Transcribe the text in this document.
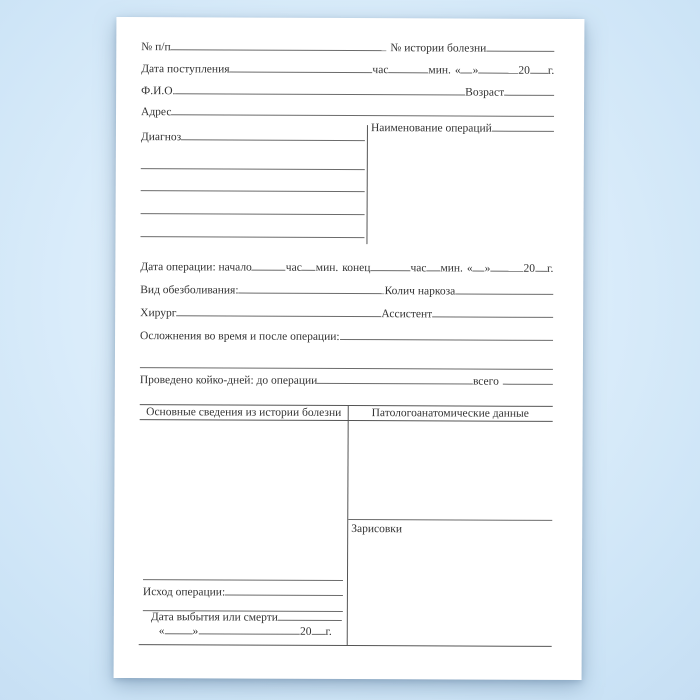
№ п/п	№ истории болезни
Дата поступления	час	мин. « »	20 г.
Ф.И.О.	Возраст
Адрес
Наименование операций
Диагноз
Дата операции: начало	час мин. конец	час мин. « »	20 г.
Вид обезболивания:	Колич наркоза
Хирург	Ассистент
Осложнения во время и после операции:
Проведено койко-дней: до операции	всего
Основные сведения из истории болезни	Патологоанатомические данные
Зарисовки
Исход операции:
Дата выбытия или смерти
« »	20 г.
